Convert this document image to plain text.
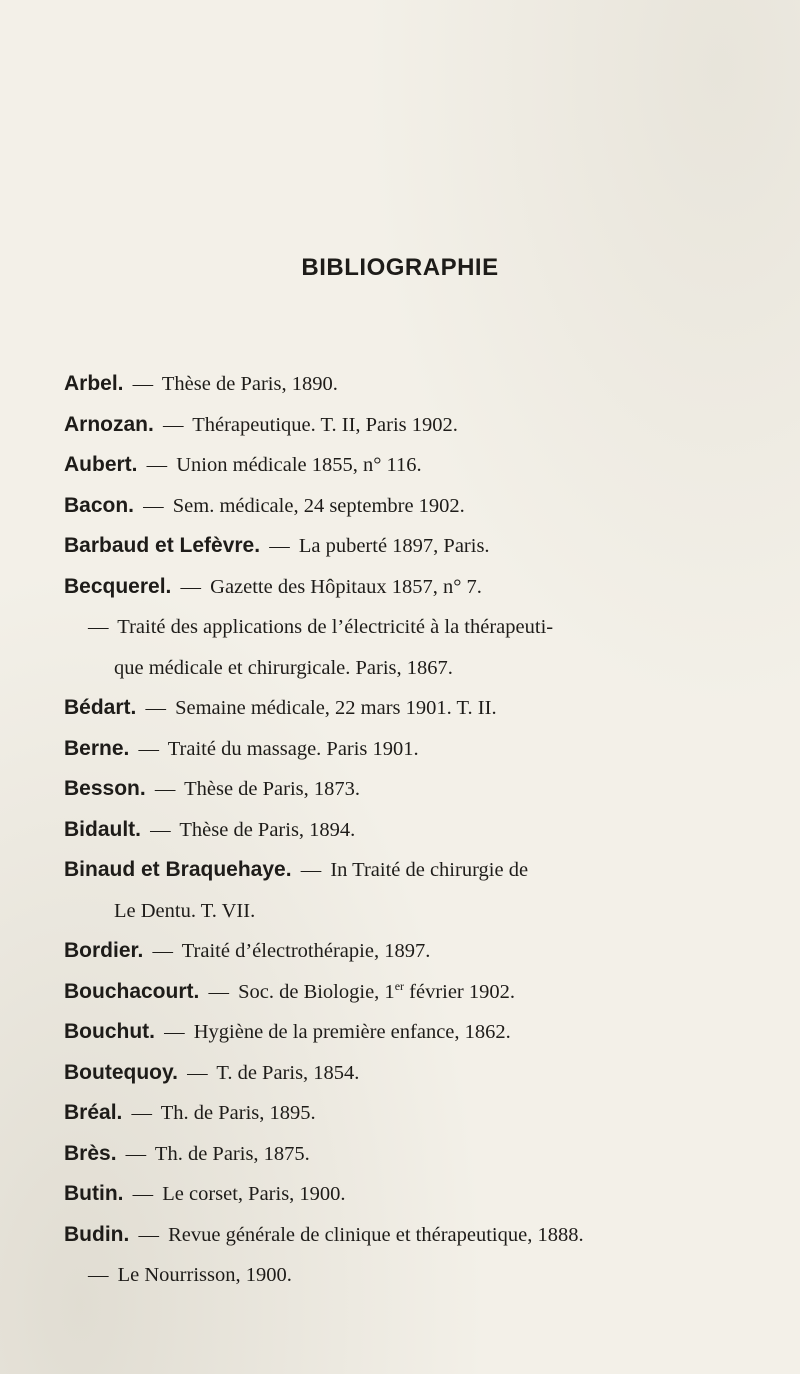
BIBLIOGRAPHIE
Arbel. — Thèse de Paris, 1890.
Arnozan. — Thérapeutique. T. II, Paris 1902.
Aubert. — Union médicale 1855, n° 116.
Bacon. — Sem. médicale, 24 septembre 1902.
Barbaud et Lefèvre. — La puberté 1897, Paris.
Becquerel. — Gazette des Hôpitaux 1857, n° 7.
— Traité des applications de l’électricité à la thérapeuti-
que médicale et chirurgicale. Paris, 1867.
Bédart. — Semaine médicale, 22 mars 1901. T. II.
Berne. — Traité du massage. Paris 1901.
Besson. — Thèse de Paris, 1873.
Bidault. — Thèse de Paris, 1894.
Binaud et Braquehaye. — In Traité de chirurgie de
Le Dentu. T. VII.
Bordier. — Traité d’électrothérapie, 1897.
Bouchacourt. — Soc. de Biologie, 1er février 1902.
Bouchut. — Hygiène de la première enfance, 1862.
Boutequoy. — T. de Paris, 1854.
Bréal. — Th. de Paris, 1895.
Brès. — Th. de Paris, 1875.
Butin. — Le corset, Paris, 1900.
Budin. — Revue générale de clinique et thérapeutique, 1888.
— Le Nourrisson, 1900.
